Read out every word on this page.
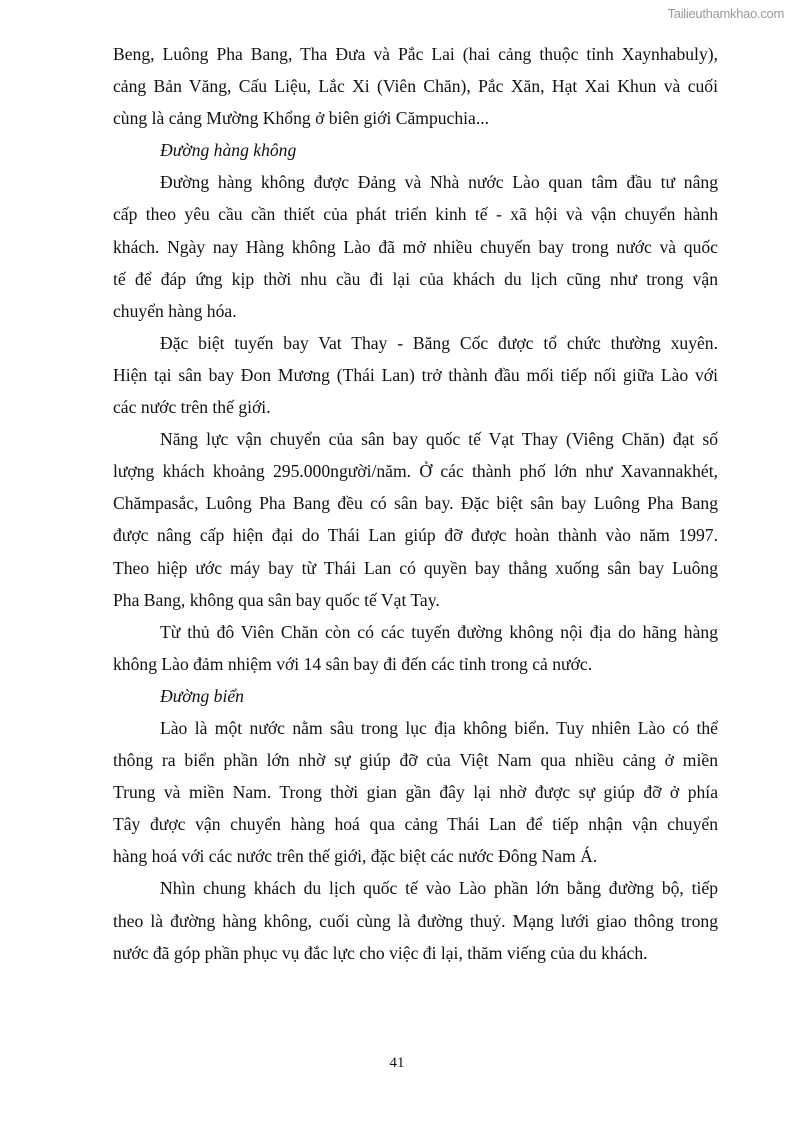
Tailieuthamkhao.com
Beng, Luông Pha Bang, Tha Đưa và Pắc Lai (hai cảng thuộc tỉnh Xaynhabuly),
cảng Bản Văng, Cấu Liệu, Lắc Xi (Viên Chăn), Pắc Xăn, Hạt Xai Khun và cuối
cùng là cảng Mường Khổng ở biên giới Cămpuchia...
Đường hàng không
Đường hàng không được Đảng và Nhà nước Lào quan tâm đầu tư nâng
cấp theo yêu cầu cần thiết của phát triển kinh tế - xã hội và vận chuyển hành
khách. Ngày nay Hàng không Lào đã mở nhiều chuyến bay trong nước và quốc
tế để đáp ứng kịp thời nhu cầu đi lại của khách du lịch cũng như trong vận
chuyển hàng hóa.
Đặc biệt tuyến bay Vat Thay - Băng Cốc được tổ chức thường xuyên.
Hiện tại sân bay Đon Mương (Thái Lan) trở thành đầu mối tiếp nối giữa Lào với
các nước trên thế giới.
Năng lực vận chuyển của sân bay quốc tế Vạt Thay (Viêng Chăn) đạt số
lượng khách khoảng 295.000người/năm. Ở các thành phố lớn như Xavannakhét,
Chămpasắc, Luông Pha Bang đều có sân bay. Đặc biệt sân bay Luông Pha Bang
được nâng cấp hiện đại do Thái Lan giúp đỡ được hoàn thành vào năm 1997.
Theo hiệp ước máy bay từ Thái Lan có quyền bay thẳng xuống sân bay Luông
Pha Bang, không qua sân bay quốc tế Vạt Tay.
Từ thủ đô Viên Chăn còn có các tuyến đường không nội địa do hãng hàng
không Lào đảm nhiệm với 14 sân bay đi đến các tỉnh trong cả nước.
Đường biển
Lào là một nước nằm sâu trong lục địa không biển. Tuy nhiên Lào có thể
thông ra biển phần lớn nhờ sự giúp đỡ của Việt Nam qua nhiều cảng ở miền
Trung và miền Nam. Trong thời gian gần đây lại nhờ được sự giúp đỡ ở phía
Tây được vận chuyển hàng hoá qua cảng Thái Lan để tiếp nhận vận chuyển
hàng hoá với các nước trên thế giới, đặc biệt các nước Đông Nam Á.
Nhìn chung khách du lịch quốc tế vào Lào phần lớn bằng đường bộ, tiếp
theo là đường hàng không, cuối cùng là đường thuỷ. Mạng lưới giao thông trong
nước đã góp phần phục vụ đắc lực cho việc đi lại, thăm viếng của du khách.
41
